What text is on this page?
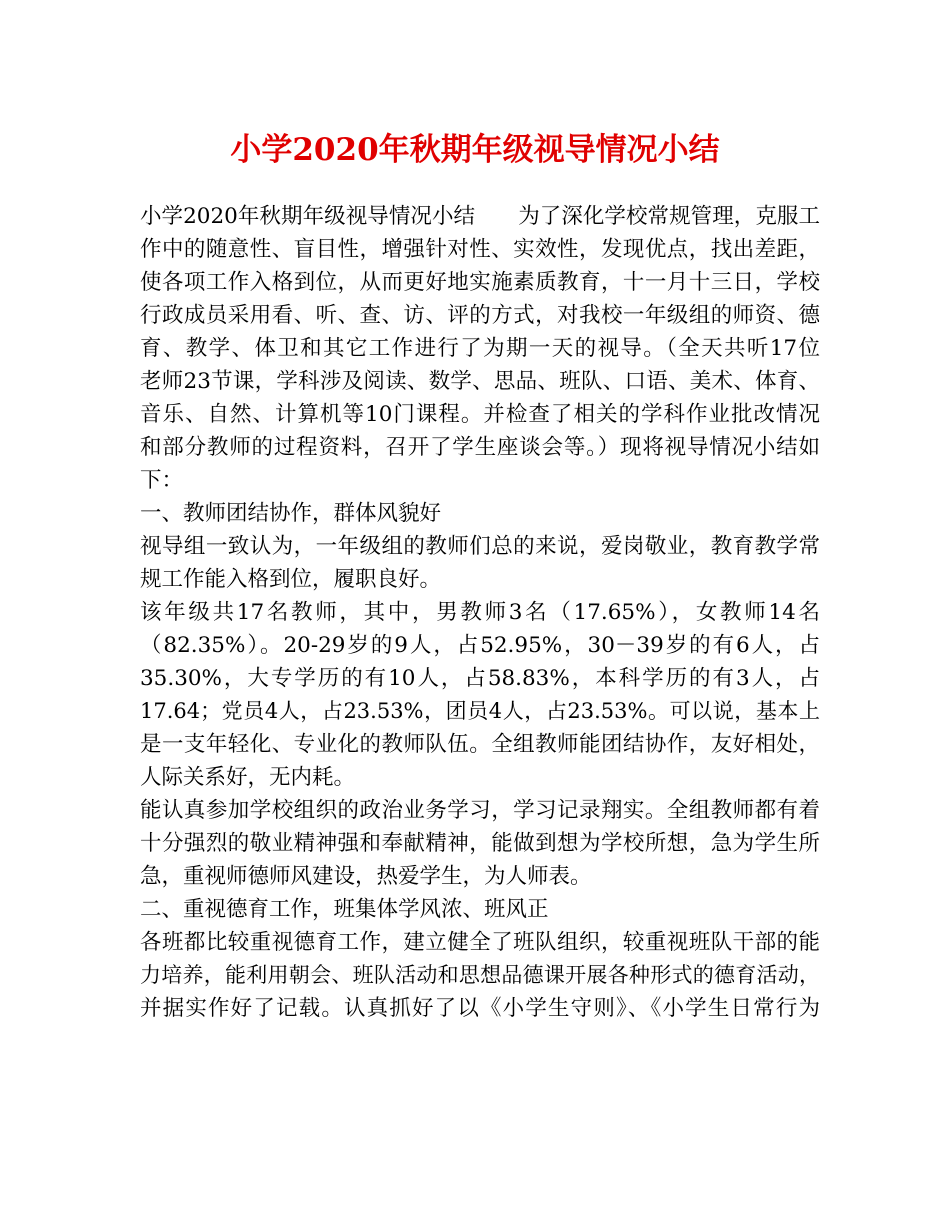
小学2020年秋期年级视导情况小结
小学2020年秋期年级视导情况小结　　为了深化学校常规管理，克服工
作中的随意性、盲目性，增强针对性、实效性，发现优点，找出差距，
使各项工作入格到位，从而更好地实施素质教育，十一月十三日，学校
行政成员采用看、听、查、访、评的方式，对我校一年级组的师资、德
育、教学、体卫和其它工作进行了为期一天的视导。（全天共听17位
老师23节课，学科涉及阅读、数学、思品、班队、口语、美术、体育、
音乐、自然、计算机等10门课程。并检查了相关的学科作业批改情况
和部分教师的过程资料，召开了学生座谈会等。）现将视导情况小结如
下：
一、教师团结协作，群体风貌好
视导组一致认为，一年级组的教师们总的来说，爱岗敬业，教育教学常
规工作能入格到位，履职良好。
该年级共17名教师，其中，男教师3名（17.65%），女教师14名
（82.35%）。20-29岁的9人，占52.95%，30－39岁的有6人，占
35.30%，大专学历的有10人，占58.83%，本科学历的有3人，占
17.64；党员4人，占23.53%，团员4人，占23.53%。可以说，基本上
是一支年轻化、专业化的教师队伍。全组教师能团结协作，友好相处，
人际关系好，无内耗。
能认真参加学校组织的政治业务学习，学习记录翔实。全组教师都有着
十分强烈的敬业精神强和奉献精神，能做到想为学校所想，急为学生所
急，重视师德师风建设，热爱学生，为人师表。
二、重视德育工作，班集体学风浓、班风正
各班都比较重视德育工作，建立健全了班队组织，较重视班队干部的能
力培养，能利用朝会、班队活动和思想品德课开展各种形式的德育活动，
并据实作好了记载。认真抓好了以《小学生守则》、《小学生日常行为
